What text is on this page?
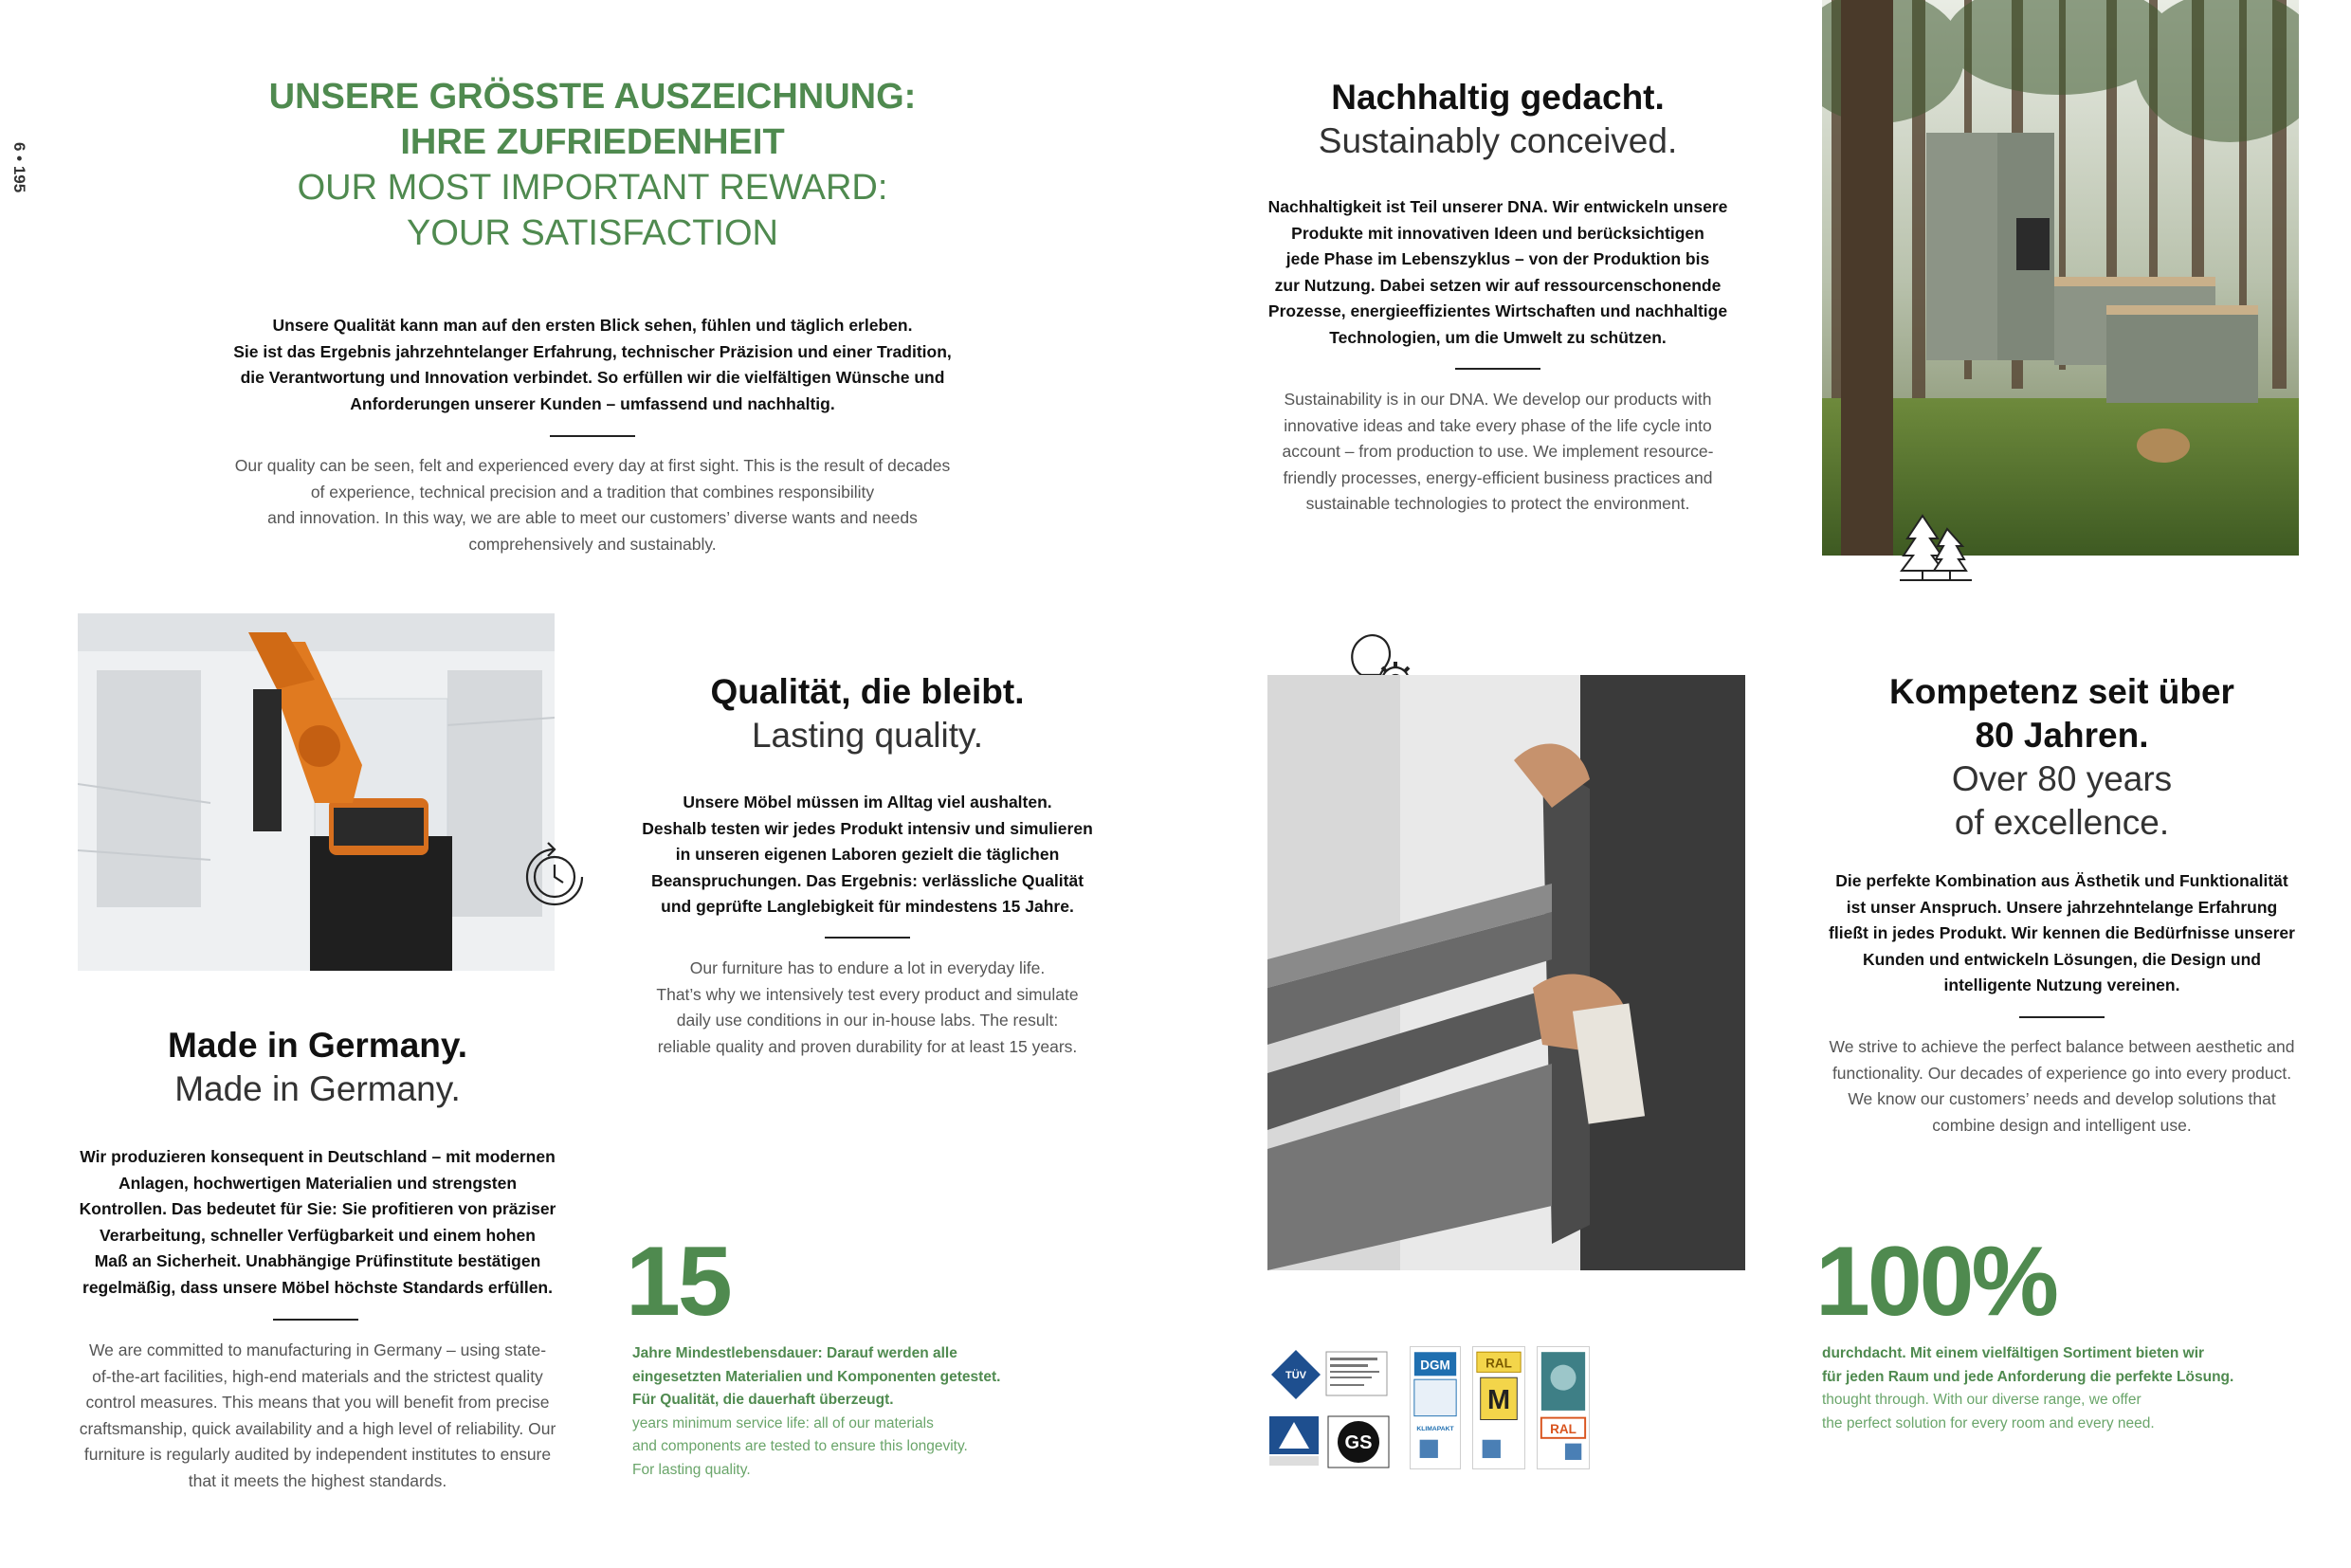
6 • 195
UNSERE GRÖSSTE AUSZEICHNUNG:
IHRE ZUFRIEDENHEIT
OUR MOST IMPORTANT REWARD:
YOUR SATISFACTION
Unsere Qualität kann man auf den ersten Blick sehen, fühlen und täglich erleben.
Sie ist das Ergebnis jahrzehntelanger Erfahrung, technischer Präzision und einer Tradition,
die Verantwortung und Innovation verbindet. So erfüllen wir die vielfältigen Wünsche und
Anforderungen unserer Kunden – umfassend und nachhaltig.
Our quality can be seen, felt and experienced every day at first sight. This is the result of decades
of experience, technical precision and a tradition that combines responsibility
and innovation. In this way, we are able to meet our customers’ diverse wants and needs
comprehensively and sustainably.
Nachhaltig gedacht.
Sustainably conceived.
Nachhaltigkeit ist Teil unserer DNA. Wir entwickeln unsere
Produkte mit innovativen Ideen und berücksichtigen
jede Phase im Lebenszyklus – von der Produktion bis
zur Nutzung. Dabei setzen wir auf ressourcenschonende
Prozesse, energieeffizientes Wirtschaften und nachhaltige
Technologien, um die Umwelt zu schützen.
Sustainability is in our DNA. We develop our products with
innovative ideas and take every phase of the life cycle into
account – from production to use. We implement resource-
friendly processes, energy-efficient business practices and
sustainable technologies to protect the environment.
Qualität, die bleibt.
Lasting quality.
Unsere Möbel müssen im Alltag viel aushalten.
Deshalb testen wir jedes Produkt intensiv und simulieren
in unseren eigenen Laboren gezielt die täglichen
Beanspruchungen. Das Ergebnis: verlässliche Qualität
und geprüfte Langlebigkeit für mindestens 15 Jahre.
Our furniture has to endure a lot in everyday life.
That’s why we intensively test every product and simulate
daily use conditions in our in-house labs. The result:
reliable quality and proven durability for at least 15 years.
Made in Germany.
Made in Germany.
Wir produzieren konsequent in Deutschland – mit modernen
Anlagen, hochwertigen Materialien und strengsten
Kontrollen. Das bedeutet für Sie: Sie profitieren von präziser
Verarbeitung, schneller Verfügbarkeit und einem hohen
Maß an Sicherheit. Unabhängige Prüfinstitute bestätigen
regelmäßig, dass unsere Möbel höchste Standards erfüllen.
We are committed to manufacturing in Germany – using state-
of-the-art facilities, high-end materials and the strictest quality
control measures. This means that you will benefit from precise
craftsmanship, quick availability and a high level of reliability. Our
furniture is regularly audited by independent institutes to ensure
that it meets the highest standards.
15
Jahre Mindestlebensdauer: Darauf werden alle
eingesetzten Materialien und Komponenten getestet.
Für Qualität, die dauerhaft überzeugt.
years minimum service life: all of our materials
and components are tested to ensure this longevity.
For lasting quality.
Kompetenz seit über
80 Jahren.
Over 80 years
of excellence.
Die perfekte Kombination aus Ästhetik und Funktionalität
ist unser Anspruch. Unsere jahrzehntelange Erfahrung
fließt in jedes Produkt. Wir kennen die Bedürfnisse unserer
Kunden und entwickeln Lösungen, die Design und
intelligente Nutzung vereinen.
We strive to achieve the perfect balance between aesthetic and
functionality. Our decades of experience go into every product.
We know our customers’ needs and develop solutions that
combine design and intelligent use.
100%
durchdacht. Mit einem vielfältigen Sortiment bieten wir
für jeden Raum und jede Anforderung die perfekte Lösung.
thought through. With our diverse range, we offer
the perfect solution for every room and every need.
TÜV
GS
DGM
KLIMAPAKT
RAL
M
RAL
